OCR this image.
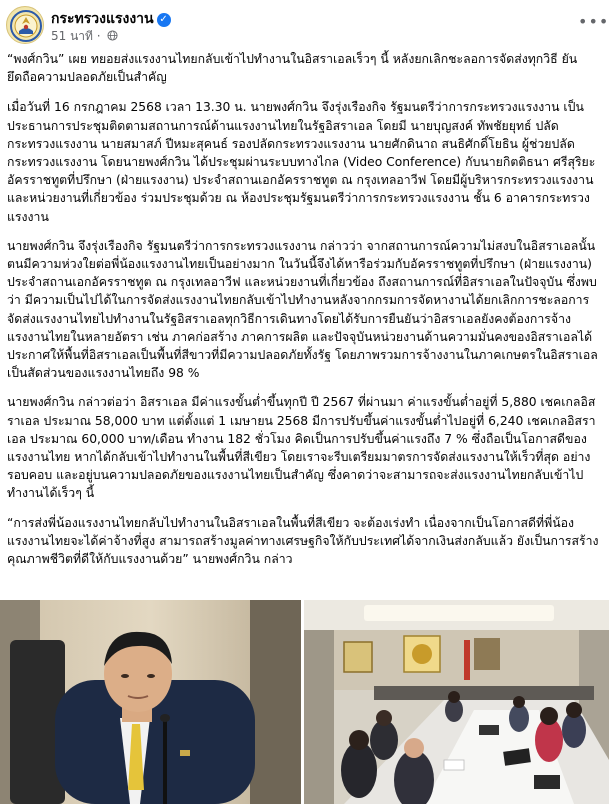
กระทรวงแรงงาน ✓
51 นาที ·
•••

“พงศ์กวิน” เผย ทยอยส่งแรงงานไทยกลับเข้าไปทำงานในอิสราเอลเร็วๆ นี้ หลังยกเลิกชะลอการจัดส่งทุกวิธี ยัน ยึดถือความปลอดภัยเป็นสำคัญ

เมื่อวันที่ 16 กรกฎาคม 2568 เวลา 13.30 น. นายพงศ์กวิน จึงรุ่งเรืองกิจ รัฐมนตรีว่าการกระทรวงแรงงาน เป็นประธานการประชุมติดตามสถานการณ์ด้านแรงงานไทยในรัฐอิสราเอล โดยมี นายบุญสงค์ ทัพชัยยุทธ์ ปลัดกระทรวงแรงงาน นายสมาสภ์ ปีหมะสุคนธ์ รองปลัดกระทรวงแรงงาน นายศักดินาถ สนธิศักดิ์โยธิน ผู้ช่วยปลัดกระทรวงแรงงาน โดยนายพงศ์กวิน ได้ประชุมผ่านระบบทางไกล (Video Conference) กับนายกิตติธนา ศรีสุริยะ อัครราชทูตที่ปรึกษา (ฝ่ายแรงงาน) ประจำสถานเอกอัครราชทูต ณ กรุงเทลอาวีฟ โดยมีผู้บริหารกระทรวงแรงงาน และหน่วยงานที่เกี่ยวข้อง ร่วมประชุมด้วย ณ ห้องประชุมรัฐมนตรีว่าการกระทรวงแรงงาน ชั้น 6 อาคารกระทรวงแรงงาน

นายพงศ์กวิน จึงรุ่งเรืองกิจ รัฐมนตรีว่าการกระทรวงแรงงาน กล่าวว่า จากสถานการณ์ความไม่สงบในอิสราเอลนั้น ตนมีความห่วงใยต่อพี่น้องแรงงานไทยเป็นอย่างมาก ในวันนี้จึงได้หารือร่วมกับอัครราชทูตที่ปรึกษา (ฝ่ายแรงงาน) ประจำสถานเอกอัครราชทูต ณ กรุงเทลอาวีฟ และหน่วยงานที่เกี่ยวข้อง ถึงสถานการณ์ที่อิสราเอลในปัจจุบัน ซึ่งพบว่า มีความเป็นไปได้ในการจัดส่งแรงงานไทยกลับเข้าไปทำงานหลังจากกรมการจัดหางานได้ยกเลิกการชะลอการจัดส่งแรงงานไทยไปทำงานในรัฐอิสราเอลทุกวิธีการเดินทางโดยได้รับการยืนยันว่าอิสราเอลยังคงต้องการจ้างแรงงานไทยในหลายอัตรา เช่น ภาคก่อสร้าง ภาคการผลิต และปัจจุบันหน่วยงานด้านความมั่นคงของอิสราเอลได้ประกาศให้พื้นที่อิสราเอลเป็นพื้นที่สีขาวที่มีความปลอดภัยทั้งรัฐ โดยภาพรวมการจ้างงานในภาคเกษตรในอิสราเอล เป็นสัดส่วนของแรงงานไทยถึง 98 %

นายพงศ์กวิน กล่าวต่อว่า อิสราเอล มีค่าแรงขั้นต่ำขึ้นทุกปี ปี 2567 ที่ผ่านมา ค่าแรงขั้นต่ำอยู่ที่ 5,880 เชคเกลอิสราเอล ประมาณ 58,000 บาท แต่ตั้งแต่ 1 เมษายน 2568 มีการปรับขึ้นค่าแรงขั้นต่ำไปอยู่ที่ 6,240 เชคเกลอิสราเอล ประมาณ 60,000 บาท/เดือน ทำงาน 182 ชั่วโมง คิดเป็นการปรับขึ้นค่าแรงถึง 7 % ซึ่งถือเป็นโอกาสดีของแรงงานไทย หากได้กลับเข้าไปทำงานในพื้นที่สีเขียว โดยเราจะรีบเตรียมมาตรการจัดส่งแรงงานให้เร็วที่สุด อย่างรอบคอบ และอยู่บนความปลอดภัยของแรงงานไทยเป็นสำคัญ ซึ่งคาดว่าจะสามารถจะส่งแรงงานไทยกลับเข้าไปทำงานได้เร็วๆ นี้

“การส่งพี่น้องแรงงานไทยกลับไปทำงานในอิสราเอลในพื้นที่สีเขียว จะต้องเร่งทำ เนื่องจากเป็นโอกาสดีที่พี่น้องแรงงานไทยจะได้ค่าจ้างที่สูง สามารถสร้างมูลค่าทางเศรษฐกิจให้กับประเทศได้จากเงินส่งกลับแล้ว ยังเป็นการสร้างคุณภาพชีวิตที่ดีให้กับแรงงานด้วย” นายพงศ์กวิน กล่าว
